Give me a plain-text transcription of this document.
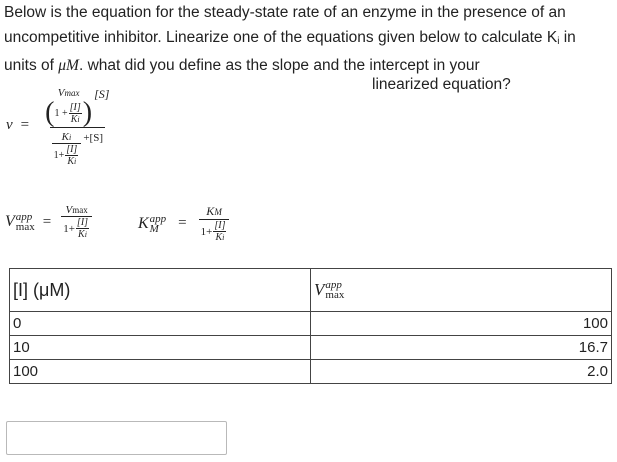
Below is the equation for the steady-state rate of an enzyme in the presence of an
uncompetitive inhibitor. Linearize one of the equations given below to calculate $K_i$ in
units of μM. what did you define as the slope and the intercept in your
linearized equation?
v =
Vmax
( $1 + \frac{[I]}{Ki}$ )
[S]
$\frac{Ki}{1+ \frac{[I]}{Ki}} +[S]$
V app
$\max = \frac{Vmax}{1+ \frac{[I]}{Ki}}$	K app
M	= $\frac{KM}{1+ \frac{[I]}{Ki}}$
[I] (μM)	V app
max

0	100
10	16.7
100	2.0
